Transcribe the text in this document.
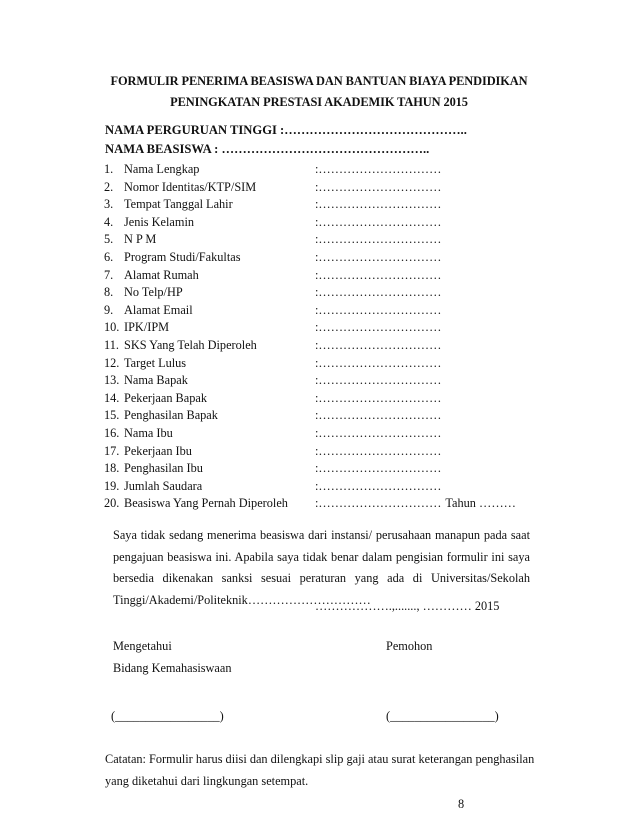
FORMULIR PENERIMA BEASISWA DAN BANTUAN BIAYA PENDIDIKAN
PENINGKATAN PRESTASI AKADEMIK TAHUN 2015
NAMA PERGURUAN TINGGI :……………………………………..
NAMA BEASISWA : …………………………………………..
1. Nama Lengkap	:…………………………
2. Nomor Identitas/KTP/SIM	:…………………………
3. Tempat Tanggal Lahir	:…………………………
4. Jenis Kelamin	:…………………………
5. N P M	:…………………………
6. Program Studi/Fakultas	:…………………………
7. Alamat Rumah	:…………………………
8. No Telp/HP	:…………………………
9. Alamat Email	:…………………………
10. IPK/IPM	:…………………………
11. SKS Yang Telah Diperoleh	:…………………………
12. Target Lulus	:…………………………
13. Nama Bapak	:…………………………
14. Pekerjaan Bapak	:…………………………
15. Penghasilan Bapak	:…………………………
16. Nama Ibu	:…………………………
17. Pekerjaan Ibu	:…………………………
18. Penghasilan Ibu	:…………………………
19. Jumlah Saudara	:…………………………
20. Beasiswa Yang Pernah Diperoleh :………………………… Tahun ………

Saya tidak sedang menerima beasiswa dari instansi/ perusahaan manapun pada saat pengajuan beasiswa ini. Apabila saya tidak benar dalam pengisian formulir ini saya bersedia dikenakan sanksi sesuai peraturan yang ada di Universitas/Sekolah Tinggi/Akademi/Politeknik…………………………

……………….,......., ………… 2015
Mengetahui
Bidang Kemahasiswaan
Pemohon
(_________________)	(_________________)

Catatan: Formulir harus diisi dan dilengkapi slip gaji atau surat keterangan penghasilan yang diketahui dari lingkungan setempat.

8
